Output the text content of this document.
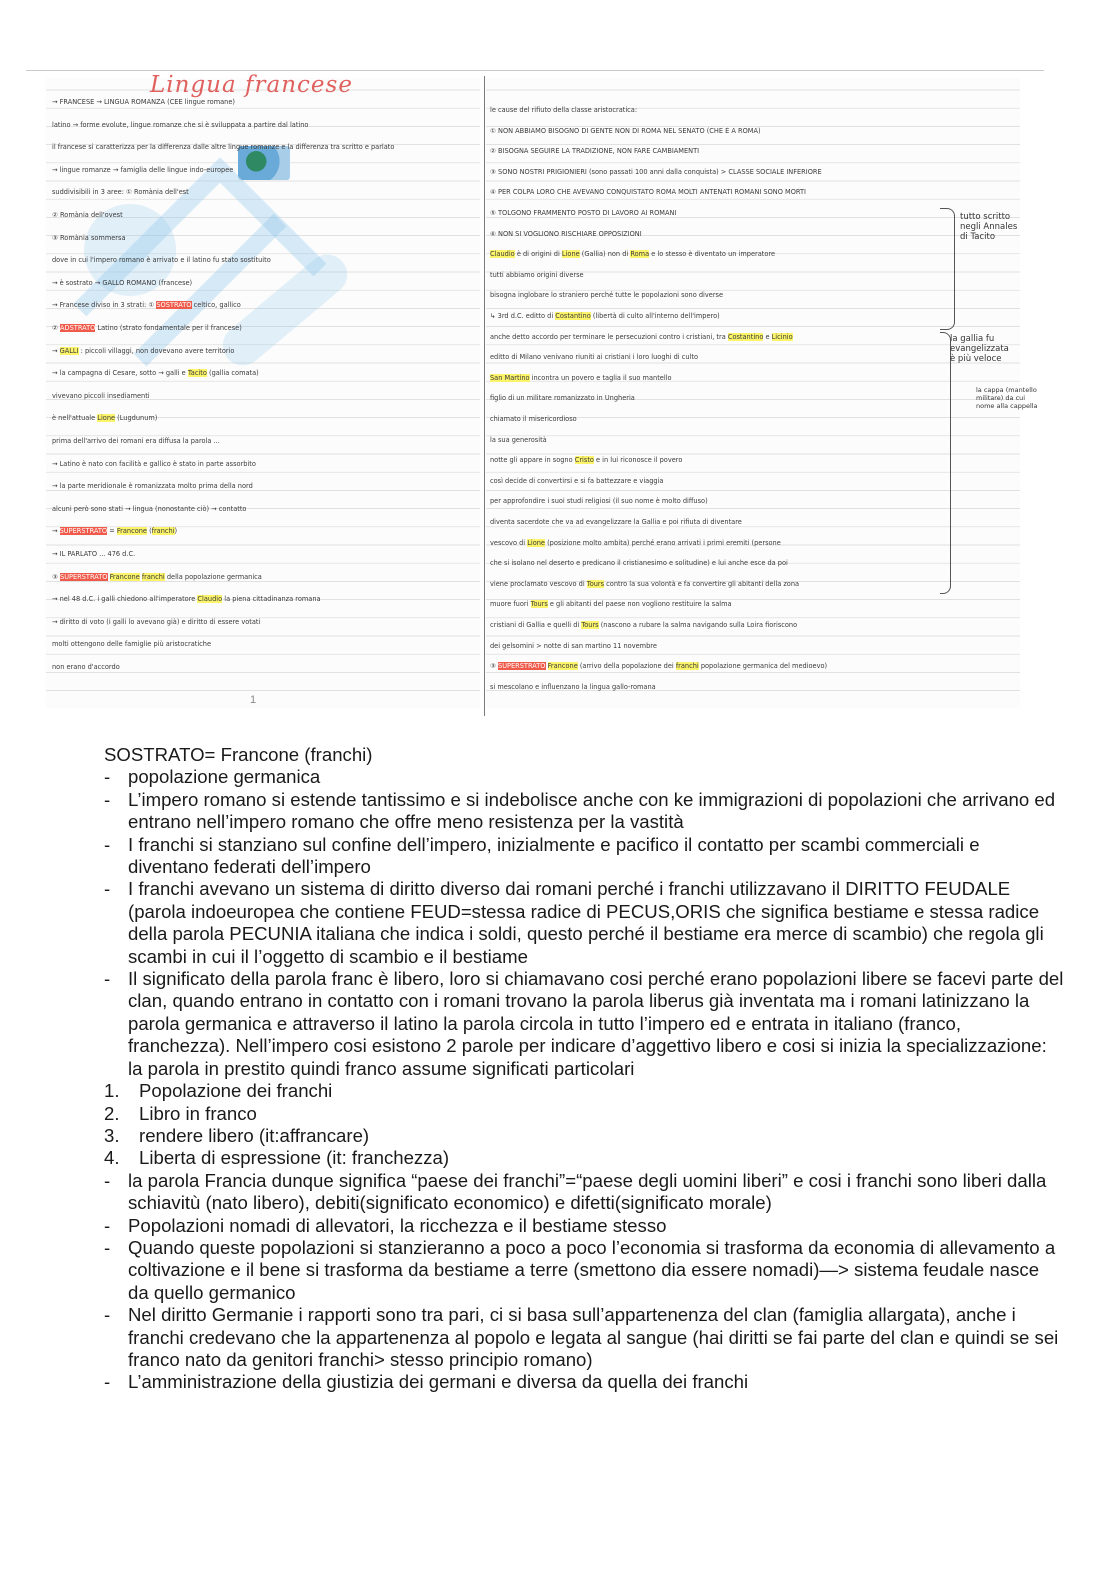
Lingua francese
→ FRANCESE → LINGUA ROMANZA (CEE lingue romane)
latino → forme evolute, lingue romanze che si è sviluppata a partire dal latino
il francese si caratterizza per la differenza dalle altre lingue romanze e la differenza tra scritto e parlato
→ lingue romanze → famiglia delle lingue indo-europee
suddivisibili in 3 aree: ① Romània dell'est
② Romània dell'ovest
③ Romània sommersa
dove in cui l'impero romano è arrivato e il latino fu stato sostituito
→ è sostrato → GALLO ROMANO (francese)
→ Francese diviso in 3 strati: ① SOSTRATO celtico, gallico
② ADSTRATO Latino (strato fondamentale per il francese)
→ GALLI : piccoli villaggi, non dovevano avere territorio
→ la campagna di Cesare, sotto → galli e Tacito (gallia comata)
vivevano piccoli insediamenti
è nell'attuale Lione (Lugdunum)
prima dell'arrivo dei romani era diffusa la parola ...
→ Latino è nato con facilità e gallico è stato in parte assorbito
→ la parte meridionale è romanizzata molto prima della nord
alcuni però sono stati → lingua (nonostante ciò) → contatto
→ SUPERSTRATO = Francone (franchi)
→ IL PARLATO ... 476 d.C.
③ SUPERSTRATO Francone franchi della popolazione germanica
→ nel 48 d.C. i galli chiedono all'imperatore Claudio la piena cittadinanza romana
→ diritto di voto (i galli lo avevano già) e diritto di essere votati
molti ottengono delle famiglie più aristocratiche
non erano d'accordo
le cause del rifiuto della classe aristocratica:
① NON ABBIAMO BISOGNO DI GENTE NON DI ROMA NEL SENATO (CHE È A ROMA)
② BISOGNA SEGUIRE LA TRADIZIONE, NON FARE CAMBIAMENTI
③ SONO NOSTRI PRIGIONIERI (sono passati 100 anni dalla conquista) > CLASSE SOCIALE INFERIORE
④ PER COLPA LORO CHE AVEVANO CONQUISTATO ROMA MOLTI ANTENATI ROMANI SONO MORTI
⑤ TOLGONO FRAMMENTO POSTO DI LAVORO AI ROMANI
⑥ NON SI VOGLIONO RISCHIARE OPPOSIZIONI
Claudio è di origini di Lione (Gallia) non di Roma e lo stesso è diventato un imperatore
tutti abbiamo origini diverse
bisogna inglobare lo straniero perché tutte le popolazioni sono diverse
↳ 3rd d.C. editto di Costantino (libertà di culto all'interno dell'impero)
anche detto accordo per terminare le persecuzioni contro i cristiani, tra Costantino e Licinio
editto di Milano venivano riuniti ai cristiani i loro luoghi di culto
San Martino incontra un povero e taglia il suo mantello
figlio di un militare romanizzato in Ungheria
chiamato il misericordioso
la sua generosità
notte gli appare in sogno Cristo e in lui riconosce il povero
così decide di convertirsi e si fa battezzare e viaggia
per approfondire i suoi studi religiosi (il suo nome è molto diffuso)
diventa sacerdote che va ad evangelizzare la Gallia e poi rifiuta di diventare
vescovo di Lione (posizione molto ambita) perché erano arrivati i primi eremiti (persone
che si isolano nel deserto e predicano il cristianesimo e solitudine) e lui anche esce da poi
viene proclamato vescovo di Tours contro la sua volontà e fa convertire gli abitanti della zona
muore fuori Tours e gli abitanti del paese non vogliono restituire la salma
cristiani di Gallia e quelli di Tours (nascono a rubare la salma navigando sulla Loira fioriscono
dei gelsomini > notte di san martino 11 novembre
③ SUPERSTRATO Francone (arrivo della popolazione dei franchi popolazione germanica del medioevo)
si mescolano e influenzano la lingua gallo-romana
tutto scritto
negli Annales
di Tacito
la gallia fu
evangelizzata
è più veloce
la cappa (mantello
militare) da cui
nome alla cappella
1

SOSTRATO= Francone (franchi)

- popolazione germanica

- L’impero romano si estende tantissimo e si indebolisce anche con ke immigrazioni di popolazioni che arrivano ed entrano nell’impero romano che offre meno resistenza per la vastità

- I franchi si stanziano sul confine dell’impero, inizialmente e pacifico il contatto per scambi commerciali e diventano federati dell’impero

- I franchi avevano un sistema di diritto diverso dai romani perché i franchi utilizzavano il DIRITTO FEUDALE (parola indoeuropea che contiene FEUD=stessa radice di PECUS,ORIS che significa bestiame e stessa radice della parola PECUNIA italiana che indica i soldi, questo perché il bestiame era merce di scambio) che regola gli scambi in cui il l’oggetto di scambio e il bestiame

- Il significato della parola franc è libero, loro si chiamavano cosi perché erano popolazioni libere se facevi parte del clan, quando entrano in contatto con i romani trovano la parola liberus già inventata ma i romani latinizzano la parola germanica e attraverso il latino la parola circola in tutto l’impero ed e entrata in italiano (franco, franchezza). Nell’impero cosi esistono 2 parole per indicare d’aggettivo libero e cosi si inizia la specializzazione: la parola in prestito quindi franco assume significati particolari

1.	Popolazione dei franchi

2.	Libro in franco

3.	rendere libero (it:affrancare)

4.	Liberta di espressione (it: franchezza)

- la parola Francia dunque significa “paese dei franchi”=“paese degli uomini liberi” e cosi i franchi sono liberi dalla schiavitù (nato libero), debiti(significato economico) e difetti(significato morale)

- Popolazioni nomadi di allevatori, la ricchezza e il bestiame stesso

- Quando queste popolazioni si stanzieranno a poco a poco l’economia si trasforma da economia di allevamento a coltivazione e il bene si trasforma da bestiame a terre (smettono dia essere nomadi)—> sistema feudale nasce da quello germanico

- Nel diritto Germanie i rapporti sono tra pari, ci si basa sull’appartenenza del clan (famiglia allargata), anche i franchi credevano che la appartenenza al popolo e legata al sangue (hai diritti se fai parte del clan e quindi se sei franco nato da genitori franchi> stesso principio romano)

- L’amministrazione della giustizia dei germani e diversa da quella dei franchi
